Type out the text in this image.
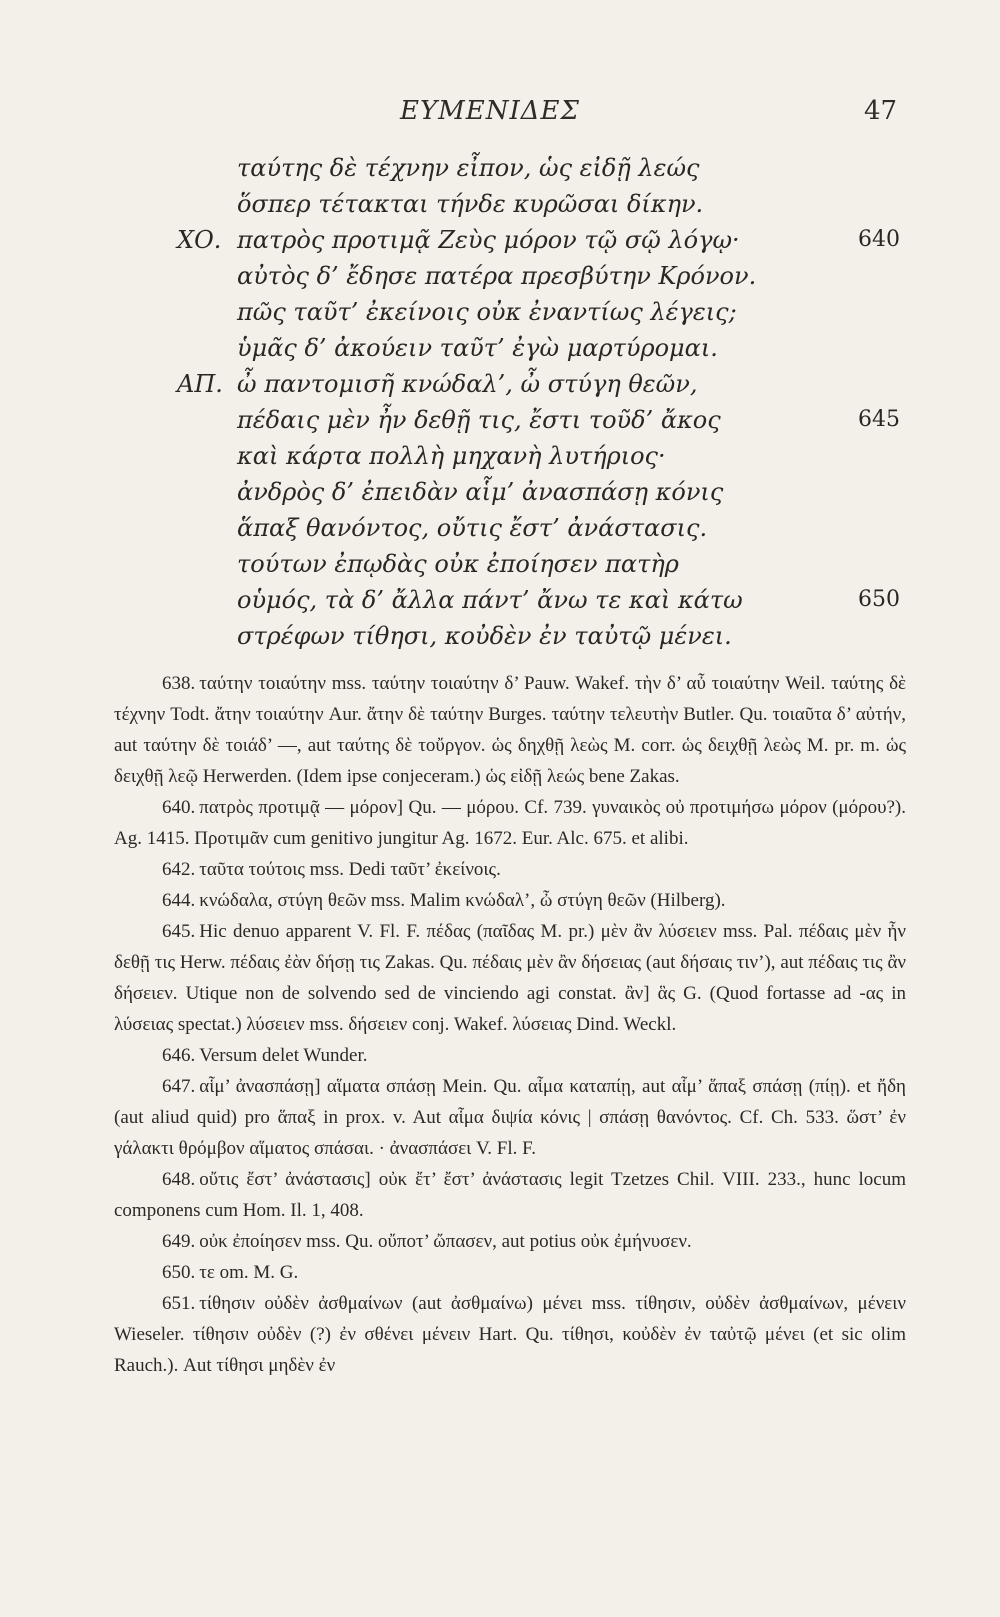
ΕΥΜΕΝΙΔΕΣ	47
ταύτης δὲ τέχνην εἶπον, ὡς εἰδῇ λεώς
ὅσπερ τέτακται τήνδε κυρῶσαι δίκην.
ΧΟ. πατρὸς προτιμᾷ Ζεὺς μόρον τῷ σῷ λόγῳ·	640
αὐτὸς δ’ ἔδησε πατέρα πρεσβύτην Κρόνον.
πῶς ταῦτ’ ἐκείνοις οὐκ ἐναντίως λέγεις;
ὑμᾶς δ’ ἀκούειν ταῦτ’ ἐγὼ μαρτύρομαι.
ΑΠ. ὦ παντομισῆ κνώδαλ’, ὦ στύγη θεῶν,
πέδαις μὲν ἦν δεθῇ τις, ἔστι τοῦδ’ ἄκος	645
καὶ κάρτα πολλὴ μηχανὴ λυτήριος·
ἀνδρὸς δ’ ἐπειδὰν αἷμ’ ἀνασπάσῃ κόνις
ἅπαξ θανόντος, οὔτις ἔστ’ ἀνάστασις.
τούτων ἐπῳδὰς οὐκ ἐποίησεν πατὴρ
οὑμός, τὰ δ’ ἄλλα πάντ’ ἄνω τε καὶ κάτω	650
στρέφων τίθησι, κοὐδὲν ἐν ταὐτῷ μένει.

638. ταύτην τοιαύτην mss. ταύτην τοιαύτην δ’ Pauw. Wakef. τὴν δ’ αὖ τοιαύτην Weil. ταύτης δὲ τέχνην Todt. ἄτην τοιαύτην Aur. ἄτην δὲ ταύτην Burges. ταύτην τελευτὴν Butler. Qu. τοιαῦτα δ’ αὐτήν, aut ταύτην δὲ τοιάδ’ —, aut ταύτης δὲ τοὔργον. ὡς δηχθῇ λεὼς M. corr. ὡς δειχθῇ λεὼς M. pr. m. ὡς δειχθῇ λεῷ Herwerden. (Idem ipse conjeceram.) ὡς εἰδῇ λεώς bene Zakas.

640. πατρὸς προτιμᾷ — μόρον] Qu. — μόρου. Cf. 739. γυναικὸς οὐ προτιμήσω μόρον (μόρου?). Ag. 1415. Προτιμᾶν cum genitivo jungitur Ag. 1672. Eur. Alc. 675. et alibi.

642. ταῦτα τούτοις mss. Dedi ταῦτ’ ἐκείνοις.

644. κνώδαλα, στύγη θεῶν mss. Malim κνώδαλ’, ὦ στύγη θεῶν (Hilberg).

645. Hic denuo apparent V. Fl. F. πέδας (παῖδας M. pr.) μὲν ἂν λύσειεν mss. Pal. πέδαις μὲν ἦν δεθῇ τις Herw. πέδαις ἐὰν δήσῃ τις Zakas. Qu. πέδαις μὲν ἂν δήσειας (aut δήσαις τιν’), aut πέδαις τις ἂν δήσειεν. Utique non de solvendo sed de vinciendo agi constat. ἂν] ἃς G. (Quod fortasse ad -ας in λύσειας spectat.) λύσειεν mss. δήσειεν conj. Wakef. λύσειας Dind. Weckl.

646. Versum delet Wunder.

647. αἷμ’ ἀνασπάσῃ] αἵματα σπάσῃ Mein. Qu. αἷμα καταπίῃ, aut αἷμ’ ἅπαξ σπάσῃ (πίῃ). et ἤδη (aut aliud quid) pro ἅπαξ in prox. v. Aut αἷμα διψία κόνις | σπάσῃ θανόντος. Cf. Ch. 533. ὥστ’ ἐν γάλακτι θρόμβον αἵματος σπάσαι. · ἀνασπάσει V. Fl. F.

648. οὔτις ἔστ’ ἀνάστασις] οὐκ ἔτ’ ἔστ’ ἀνάστασις legit Tzetzes Chil. VIII. 233., hunc locum componens cum Hom. Il. 1, 408.

649. οὐκ ἐποίησεν mss. Qu. οὔποτ’ ὤπασεν, aut potius οὐκ ἐμήνυσεν.

650. τε om. M. G.

651. τίθησιν οὐδὲν ἀσθμαίνων (aut ἀσθμαίνω) μένει mss. τίθησιν, οὐδὲν ἀσθμαίνων, μένειν Wieseler. τίθησιν οὐδὲν (?) ἐν σθένει μένειν Hart. Qu. τίθησι, κοὐδὲν ἐν ταὐτῷ μένει (et sic olim Rauch.). Aut τίθησι μηδὲν ἐν
